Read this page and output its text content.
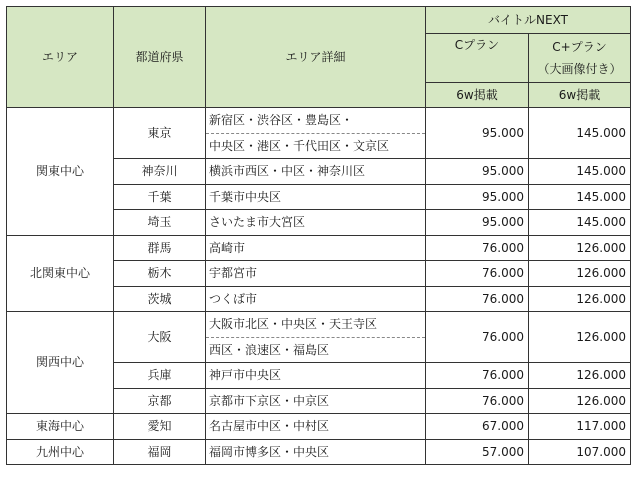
エリア	都道府県	エリア詳細	バイトルNEXT	
			Cプラン	C+プラン
（大画像付き）

			6w掲載	6w掲載
関東中心	東京	新宿区・渋谷区・豊島区・	95.000	145.000
		中央区・港区・千代田区・文京区		
	神奈川	横浜市西区・中区・神奈川区	95.000	145.000
	千葉	千葉市中央区	95.000	145.000
	埼玉	さいたま市大宮区	95.000	145.000
北関東中心	群馬	高崎市	76.000	126.000
	栃木	宇都宮市	76.000	126.000
	茨城	つくば市	76.000	126.000
関西中心	大阪	大阪市北区・中央区・天王寺区	76.000	126.000
		西区・浪速区・福島区		
	兵庫	神戸市中央区	76.000	126.000
	京都	京都市下京区・中京区	76.000	126.000
東海中心	愛知	名古屋市中区・中村区	67.000	117.000
九州中心	福岡	福岡市博多区・中央区	57.000	107.000
